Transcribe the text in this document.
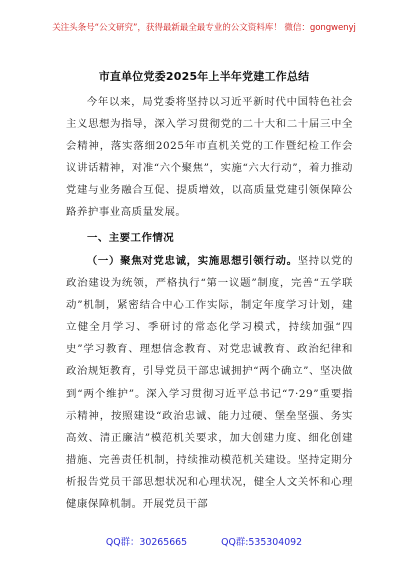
关注头条号“公文研究”，获得最新最全最专业的公文资料库！ 微信：gongwenyj
市直单位党委2025年上半年党建工作总结
今年以来，局党委将坚持以习近平新时代中国特色社会主义思想为指导，深入学习贯彻党的二十大和二十届三中全会精神，落实落细2025年市直机关党的工作暨纪检工作会议讲话精神，对准“六个聚焦”，实施“六大行动”，着力推动党建与业务融合互促、提质增效，以高质量党建引领保障公路养护事业高质量发展。
一、主要工作情况
（一）聚焦对党忠诚，实施思想引领行动。坚持以党的政治建设为统领，严格执行“第一议题”制度，完善“五学联动”机制，紧密结合中心工作实际，制定年度学习计划，建立健全月学习、季研讨的常态化学习模式，持续加强“四史”学习教育、理想信念教育、对党忠诚教育、政治纪律和政治规矩教育，引导党员干部忠诚拥护“两个确立”、坚决做到“两个维护”。深入学习贯彻习近平总书记“7·29”重要指示精神，按照建设“政治忠诚、能力过硬、堡垒坚强、务实高效、清正廉洁”模范机关要求，加大创建力度、细化创建措施、完善责任机制，持续推动模范机关建设。坚持定期分析报告党员干部思想状况和心理状况，健全人文关怀和心理健康保障机制。开展党员干部
QQ群：30265665	QQ群:535304092
